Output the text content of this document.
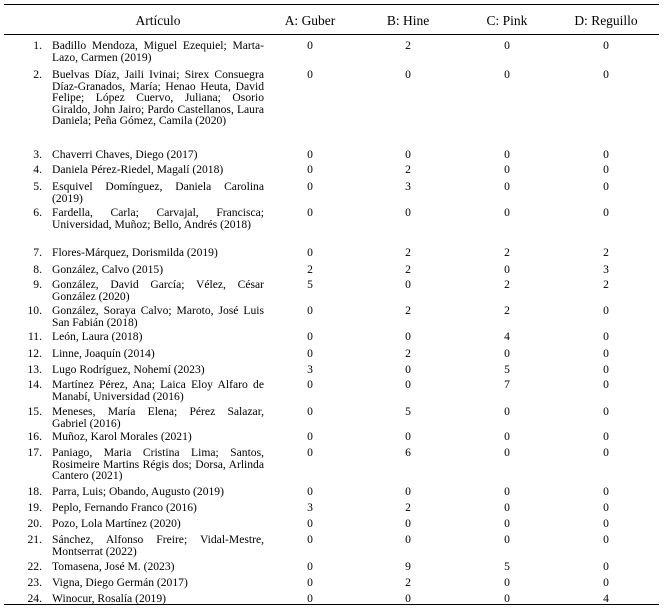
Artículo	A: Guber	B: Hine	C: Pink	D: Reguillo
1. Badillo Mendoza, Miguel Ezequiel; Marta-Lazo, Carmen (2019)
0	2	0	0
2. Buelvas Díaz, Jaili Ivinai; Sirex Consuegra Díaz-Granados, María; Henao Heuta, David Felipe; López Cuervo, Juliana; Osorio Giraldo, John Jairo; Pardo Castellanos, Laura Daniela; Peña Gómez, Camila (2020)
0	0	0	0
3. Chaverri Chaves, Diego (2017)	0	0	0	0
4. Daniela Pérez-Riedel, Magalí (2018)	0	2	0	0
5. Esquivel Domínguez, Daniela Carolina (2019)
0	3	0	0
6. Fardella, Carla; Carvajal, Francisca; Universidad, Muñoz; Bello, Andrés (2018)
0	0	0	0
7. Flores-Márquez, Dorismilda (2019)	0	2	2	2
8. González, Calvo (2015)	2	2	0	3
9. González, David García; Vélez, César González (2020)
5	0	2	2
10. González, Soraya Calvo; Maroto, José Luis San Fabián (2018)
0	2	2	0
11. León, Laura (2018)	0	0	4	0
12. Linne, Joaquín (2014)	0	2	0	0
13. Lugo Rodríguez, Nohemí (2023)	3	0	5	0
14. Martínez Pérez, Ana; Laica Eloy Alfaro de Manabí, Universidad (2016)
0	0	7	0
15. Meneses, María Elena; Pérez Salazar, Gabriel (2016)
0	5	0	0
16. Muñoz, Karol Morales (2021)	0	0	0	0
17. Paniago, Maria Cristina Lima; Santos, Rosimeire Martins Régis dos; Dorsa, Arlinda Cantero (2021)
0	6	0	0
18. Parra, Luis; Obando, Augusto (2019)	0	0	0	0
19. Peplo, Fernando Franco (2016)	3	2	0	0
20. Pozo, Lola Martínez (2020)	0	0	0	0
21. Sánchez, Alfonso Freire; Vidal-Mestre, Montserrat (2022)
0	0	0	0
22. Tomasena, José M. (2023)	0	9	5	0
23. Vigna, Diego Germán (2017)	0	2	0	0
24. Winocur, Rosalía (2019)	0	0	0	4
